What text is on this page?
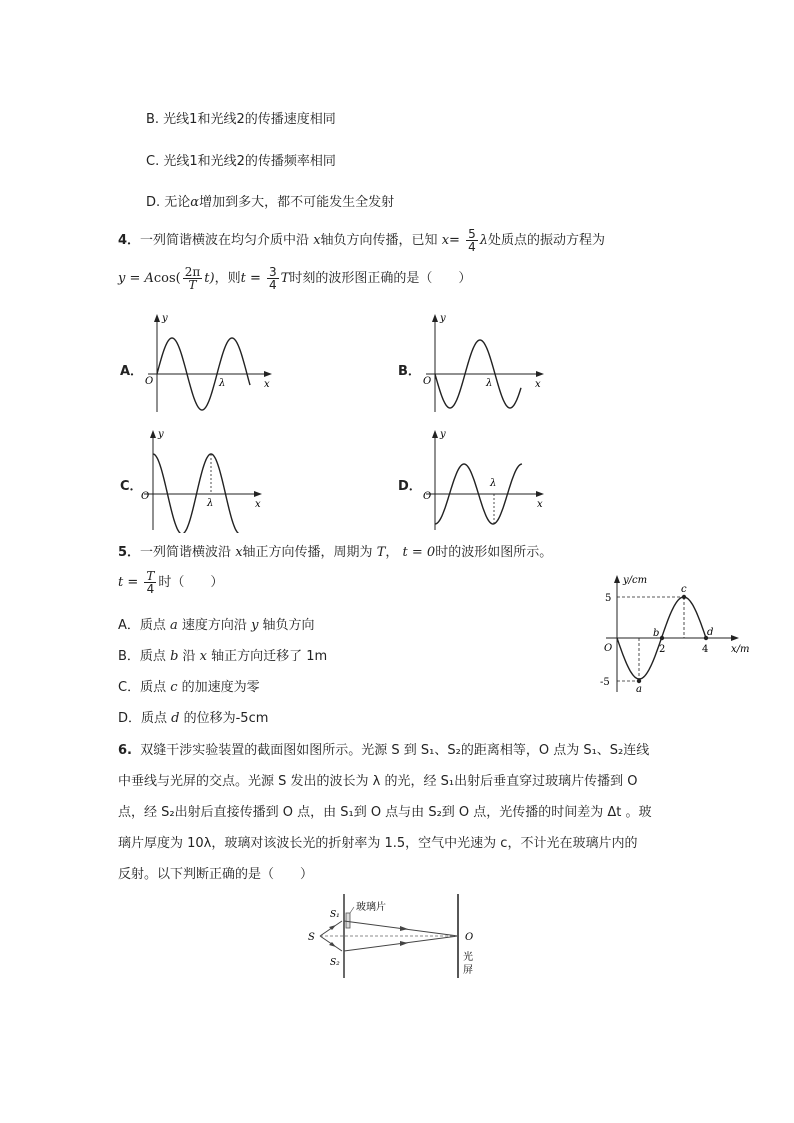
B. 光线1和光线2的传播速度相同
C. 光线1和光线2的传播频率相同
D. 无论α增加到多大，都不可能发生全发射
4．一列简谐横波在均匀介质中沿 x轴负方向传播，已知 $x= \frac{5}{4}$ λ处质点的振动方程为
$y = Acos( \frac{2\pi}{T} t)$，则$t = \frac{3}{4}$ T时刻的波形图正确的是（　　）
A．	B．
C．	D．
y
x
O	λ
y
x
O	λ
y
x
O
λ
y
x
O
λ
5．一列简谐横波沿 x轴正方向传播，周期为 T， t = 0时的波形如图所示。
$t = \frac{T}{4}$ 时（　　）
A．质点 a 速度方向沿 y 轴负方向
B．质点 b 沿 x 轴正方向迁移了 1m
C．质点 c 的加速度为零
D．质点 d 的位移为-5cm
y/cm
x/m
O
5
-5
2	4
a
b
c
d
6. 双缝干涉实验装置的截面图如图所示。光源 S 到 S₁、S₂的距离相等，O 点为 S₁、S₂连线
中垂线与光屏的交点。光源 S 发出的波长为 λ 的光，经 S₁出射后垂直穿过玻璃片传播到 O
点，经 S₂出射后直接传播到 O 点，由 S₁到 O 点与由 S₂到 O 点，光传播的时间差为 Δt 。玻
璃片厚度为 10λ，玻璃对该波长光的折射率为 1.5，空气中光速为 c，不计光在玻璃片内的
反射。以下判断正确的是（　　）
S
S₁
S₂
玻璃片
O
光
屏
